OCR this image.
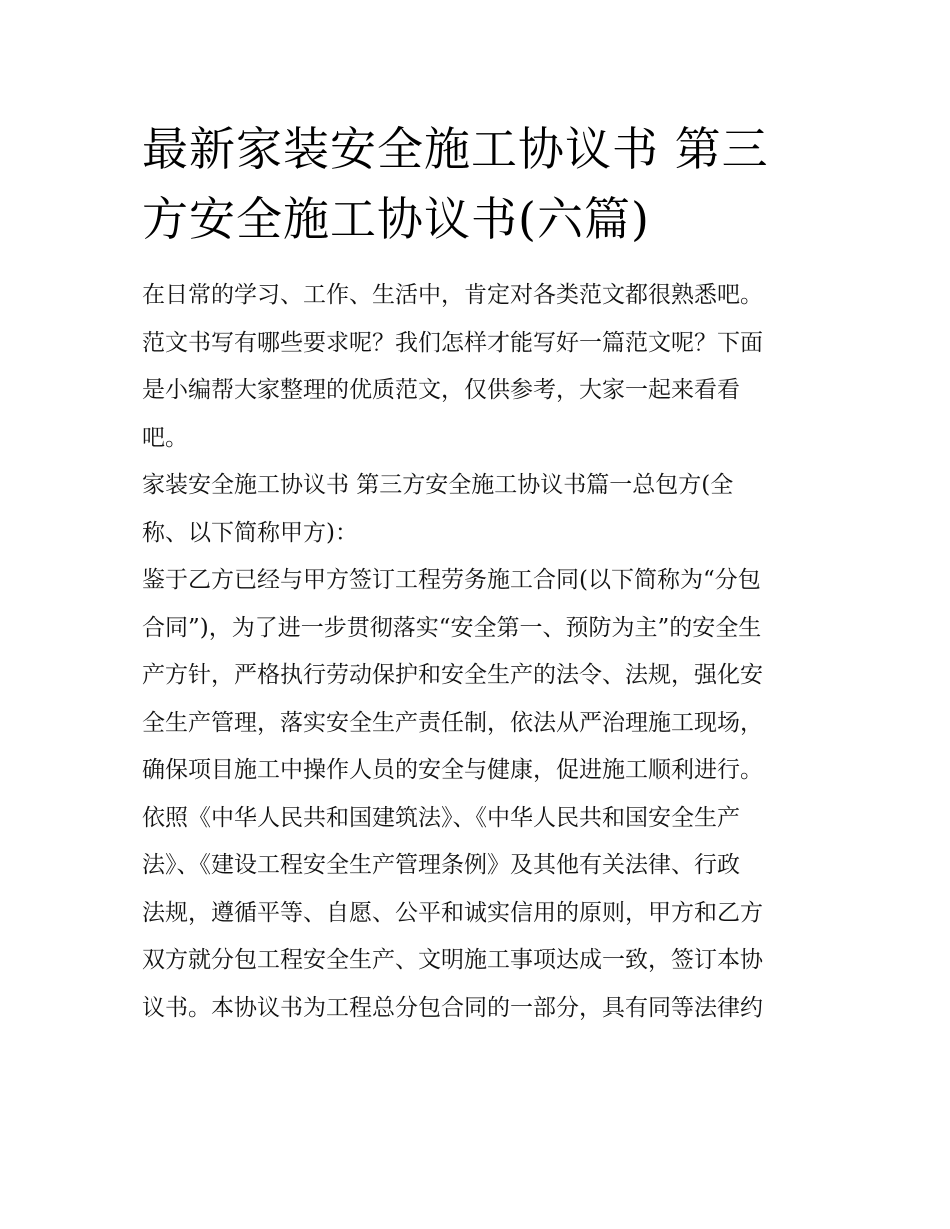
最新家装安全施工协议书 第三
方安全施工协议书(六篇)
在日常的学习、工作、生活中，肯定对各类范文都很熟悉吧。
范文书写有哪些要求呢？我们怎样才能写好一篇范文呢？下面
是小编帮大家整理的优质范文，仅供参考，大家一起来看看
吧。
家装安全施工协议书 第三方安全施工协议书篇一总包方(全
称、以下简称甲方)：
鉴于乙方已经与甲方签订工程劳务施工合同(以下简称为“分包
合同”)，为了进一步贯彻落实“安全第一、预防为主”的安全生
产方针，严格执行劳动保护和安全生产的法令、法规，强化安
全生产管理，落实安全生产责任制，依法从严治理施工现场，
确保项目施工中操作人员的安全与健康，促进施工顺利进行。
依照《中华人民共和国建筑法》、《中华人民共和国安全生产
法》、《建设工程安全生产管理条例》及其他有关法律、行政
法规，遵循平等、自愿、公平和诚实信用的原则，甲方和乙方
双方就分包工程安全生产、文明施工事项达成一致，签订本协
议书。本协议书为工程总分包合同的一部分，具有同等法律约
